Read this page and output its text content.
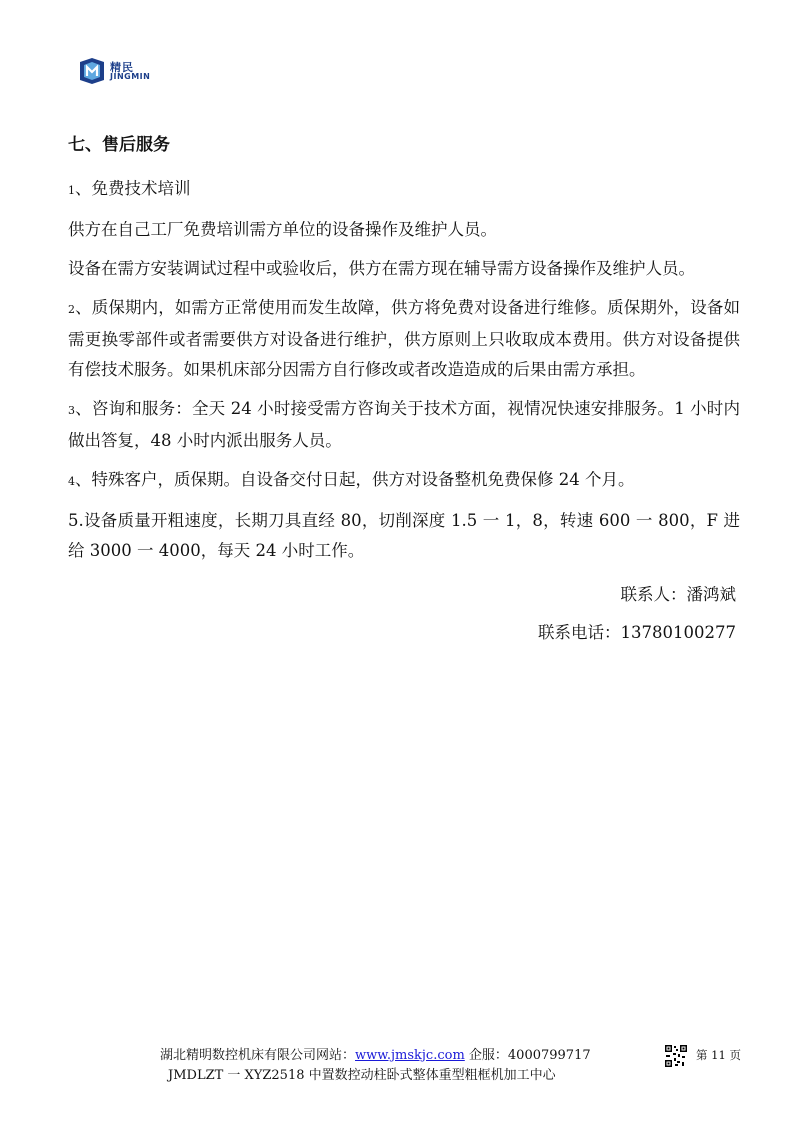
精民
JINGMIN

七、售后服务

1、免费技术培训

供方在自己工厂免费培训需方单位的设备操作及维护人员。

设备在需方安装调试过程中或验收后，供方在需方现在辅导需方设备操作及维护人员。

2、质保期内，如需方正常使用而发生故障，供方将免费对设备进行维修。质保期外，设备如需更换零部件或者需要供方对设备进行维护，供方原则上只收取成本费用。供方对设备提供有偿技术服务。如果机床部分因需方自行修改或者改造造成的后果由需方承担。

3、咨询和服务：全天 24 小时接受需方咨询关于技术方面，视情况快速安排服务。1 小时内做出答复，48 小时内派出服务人员。

4、特殊客户，质保期。自设备交付日起，供方对设备整机免费保修 24 个月。

5.设备质量开粗速度，长期刀具直经 80，切削深度 1.5 一 1，8，转速 600 一 800，F 进给 3000 一 4000，每天 24 小时工作。

联系人：潘鸿斌

联系电话：13780100277

湖北精明数控机床有限公司网站：www.jmskjc.com 企服：4000799717
JMDLZT 一 XYZ2518 中置数控动柱卧式整体重型粗框机加工中心
第 11 页
